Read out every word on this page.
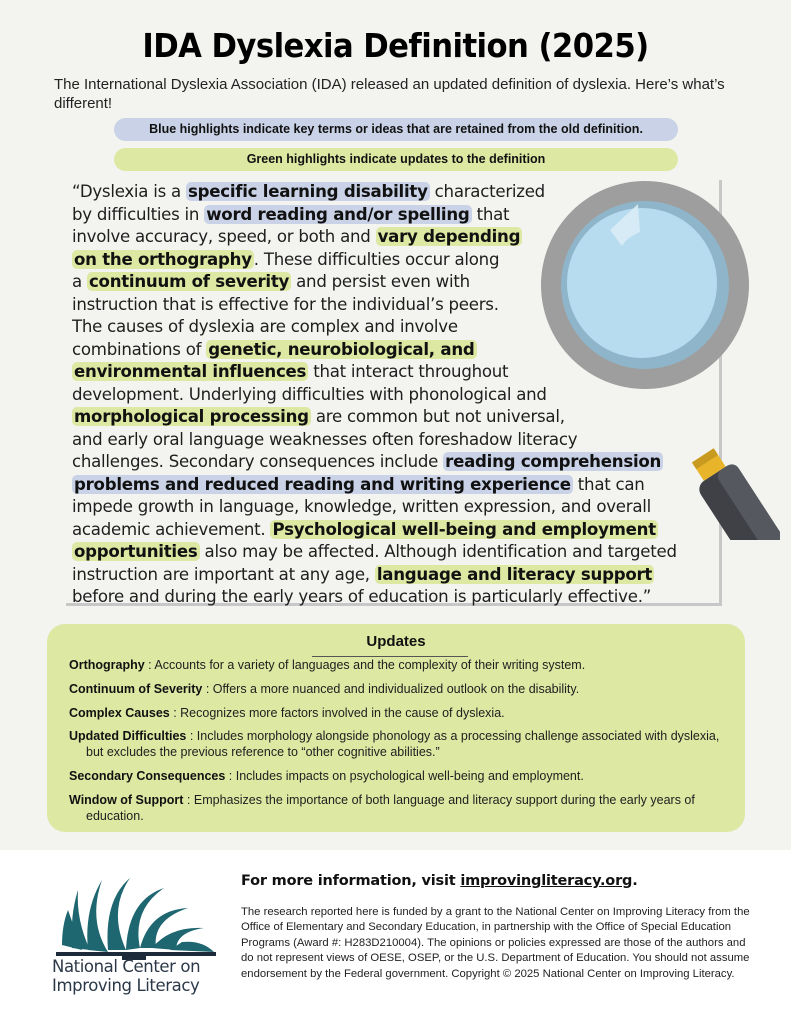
IDA Dyslexia Definition (2025)

The International Dyslexia Association (IDA) released an updated definition of dyslexia. Here’s what’s different!

Blue highlights indicate key terms or ideas that are retained from the old definition.
Green highlights indicate updates to the definition
“Dyslexia is a specific learning disability characterized
by difficulties in word reading and/or spelling that
involve accuracy, speed, or both and vary depending
on the orthography . These difficulties occur along
a continuum of severity and persist even with
instruction that is effective for the individual’s peers.
The causes of dyslexia are complex and involve
combinations of genetic, neurobiological, and
environmental influences that interact throughout
development. Underlying difficulties with phonological and
morphological processing are common but not universal,
and early oral language weaknesses often foreshadow literacy
challenges. Secondary consequences include reading comprehension
problems and reduced reading and writing experience that can
impede growth in language, knowledge, written expression, and overall
academic achievement. Psychological well-being and employment
opportunities also may be affected. Although identification and targeted
instruction are important at any age, language and literacy support
before and during the early years of education is particularly effective.”
Updates
Orthography : Accounts for a variety of languages and the complexity of their writing system.
Continuum of Severity : Offers a more nuanced and individualized outlook on the disability.
Complex Causes : Recognizes more factors involved in the cause of dyslexia.
Updated Difficulties : Includes morphology alongside phonology as a processing challenge associated with dyslexia, but excludes the previous reference to “other cognitive abilities.”
Secondary Consequences : Includes impacts on psychological well-being and employment.
Window of Support : Emphasizes the importance of both language and literacy support during the early years of education.
National Center on
Improving Literacy
For more information, visit improvingliteracy.org.

The research reported here is funded by a grant to the National Center on Improving Literacy from the Office of Elementary and Secondary Education, in partnership with the Office of Special Education Programs (Award #: H283D210004). The opinions or policies expressed are those of the authors and do not represent views of OESE, OSEP, or the U.S. Department of Education. You should not assume endorsement by the Federal government. Copyright © 2025 National Center on Improving Literacy.
